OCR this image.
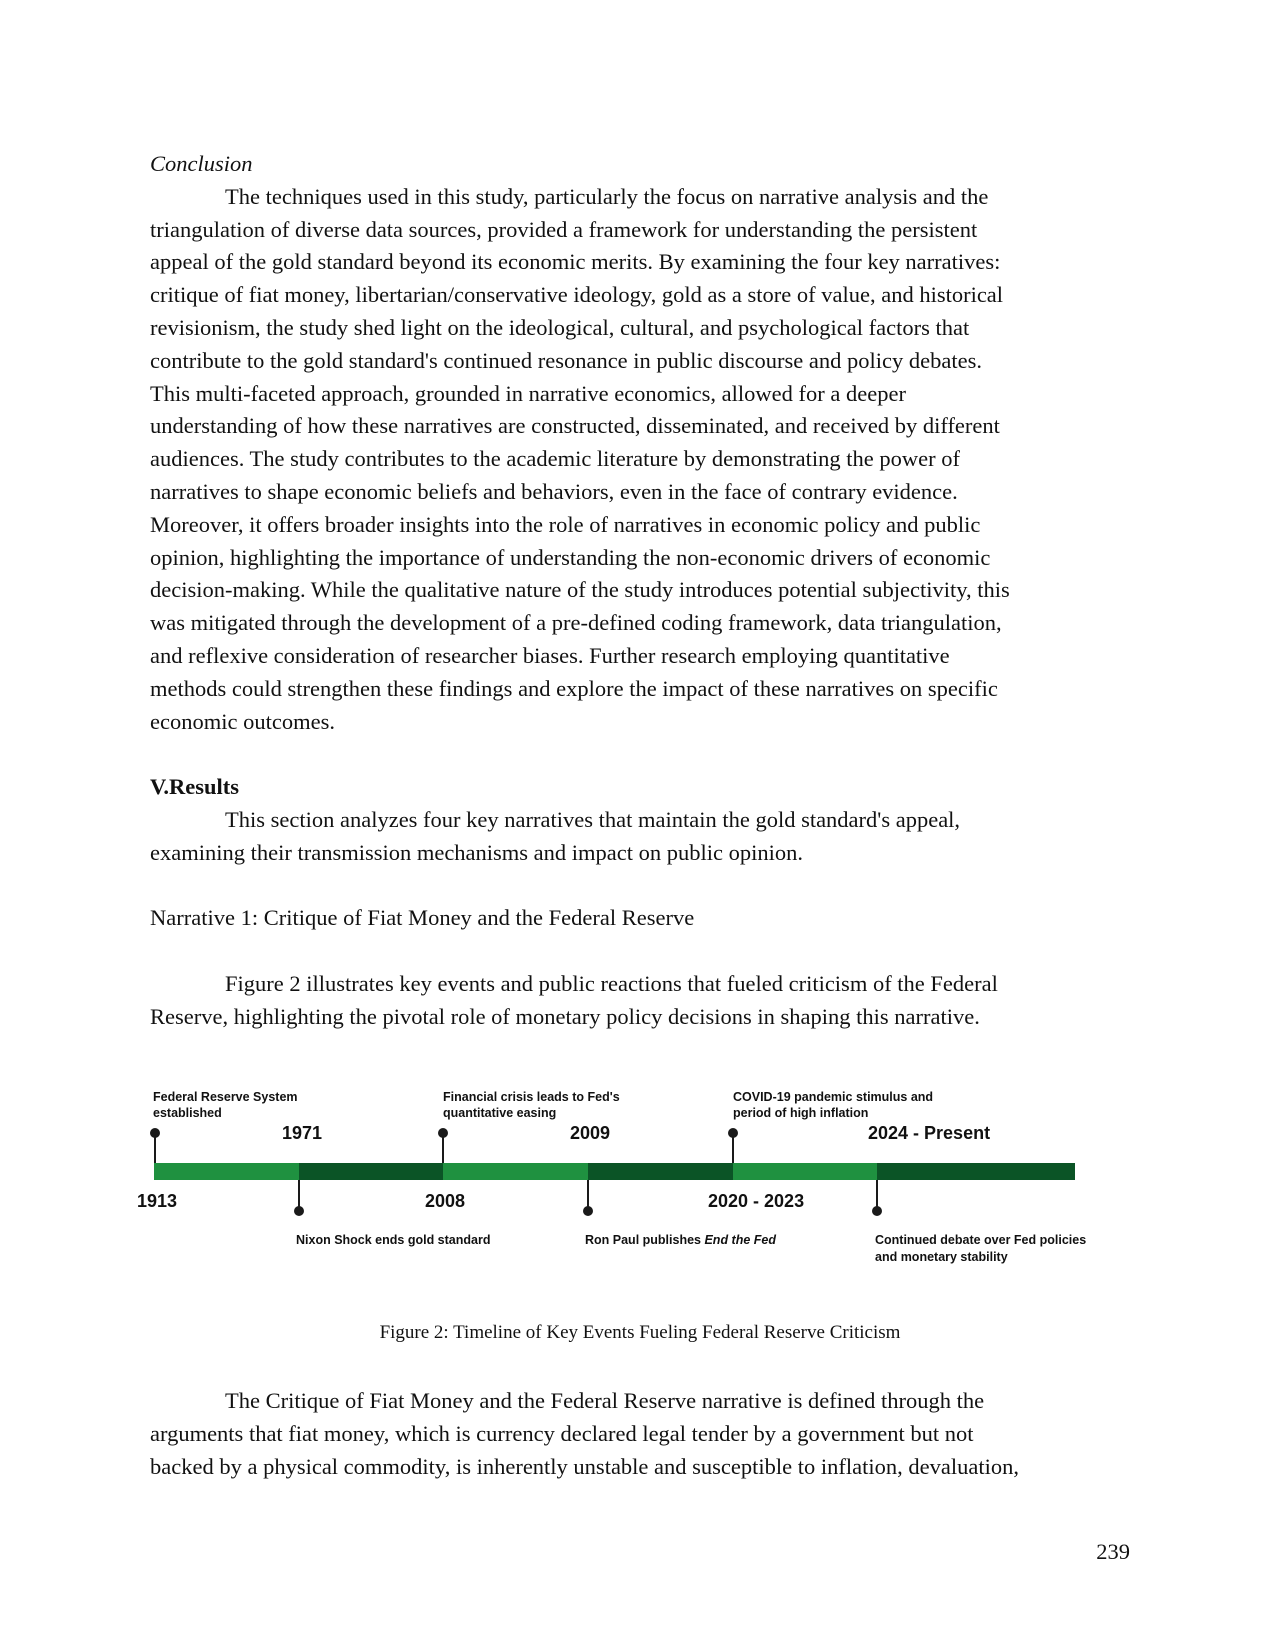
Conclusion
The techniques used in this study, particularly the focus on narrative analysis and the
triangulation of diverse data sources, provided a framework for understanding the persistent
appeal of the gold standard beyond its economic merits. By examining the four key narratives:
critique of fiat money, libertarian/conservative ideology, gold as a store of value, and historical
revisionism, the study shed light on the ideological, cultural, and psychological factors that
contribute to the gold standard's continued resonance in public discourse and policy debates.
This multi-faceted approach, grounded in narrative economics, allowed for a deeper
understanding of how these narratives are constructed, disseminated, and received by different
audiences. The study contributes to the academic literature by demonstrating the power of
narratives to shape economic beliefs and behaviors, even in the face of contrary evidence.
Moreover, it offers broader insights into the role of narratives in economic policy and public
opinion, highlighting the importance of understanding the non-economic drivers of economic
decision-making. While the qualitative nature of the study introduces potential subjectivity, this
was mitigated through the development of a pre-defined coding framework, data triangulation,
and reflexive consideration of researcher biases. Further research employing quantitative
methods could strengthen these findings and explore the impact of these narratives on specific
economic outcomes.
V.Results
This section analyzes four key narratives that maintain the gold standard's appeal,
examining their transmission mechanisms and impact on public opinion.
Narrative 1: Critique of Fiat Money and the Federal Reserve
Figure 2 illustrates key events and public reactions that fueled criticism of the Federal
Reserve, highlighting the pivotal role of monetary policy decisions in shaping this narrative.
Federal Reserve System
established
1913
1971
Nixon Shock ends gold standard
Financial crisis leads to Fed's
quantitative easing
2008
2009
Ron Paul publishes End the Fed
COVID-19 pandemic stimulus and
period of high inflation
2020 - 2023
2024 - Present
Continued debate over Fed policies
and monetary stability
Figure 2: Timeline of Key Events Fueling Federal Reserve Criticism
The Critique of Fiat Money and the Federal Reserve narrative is defined through the
arguments that fiat money, which is currency declared legal tender by a government but not
backed by a physical commodity, is inherently unstable and susceptible to inflation, devaluation,
239
